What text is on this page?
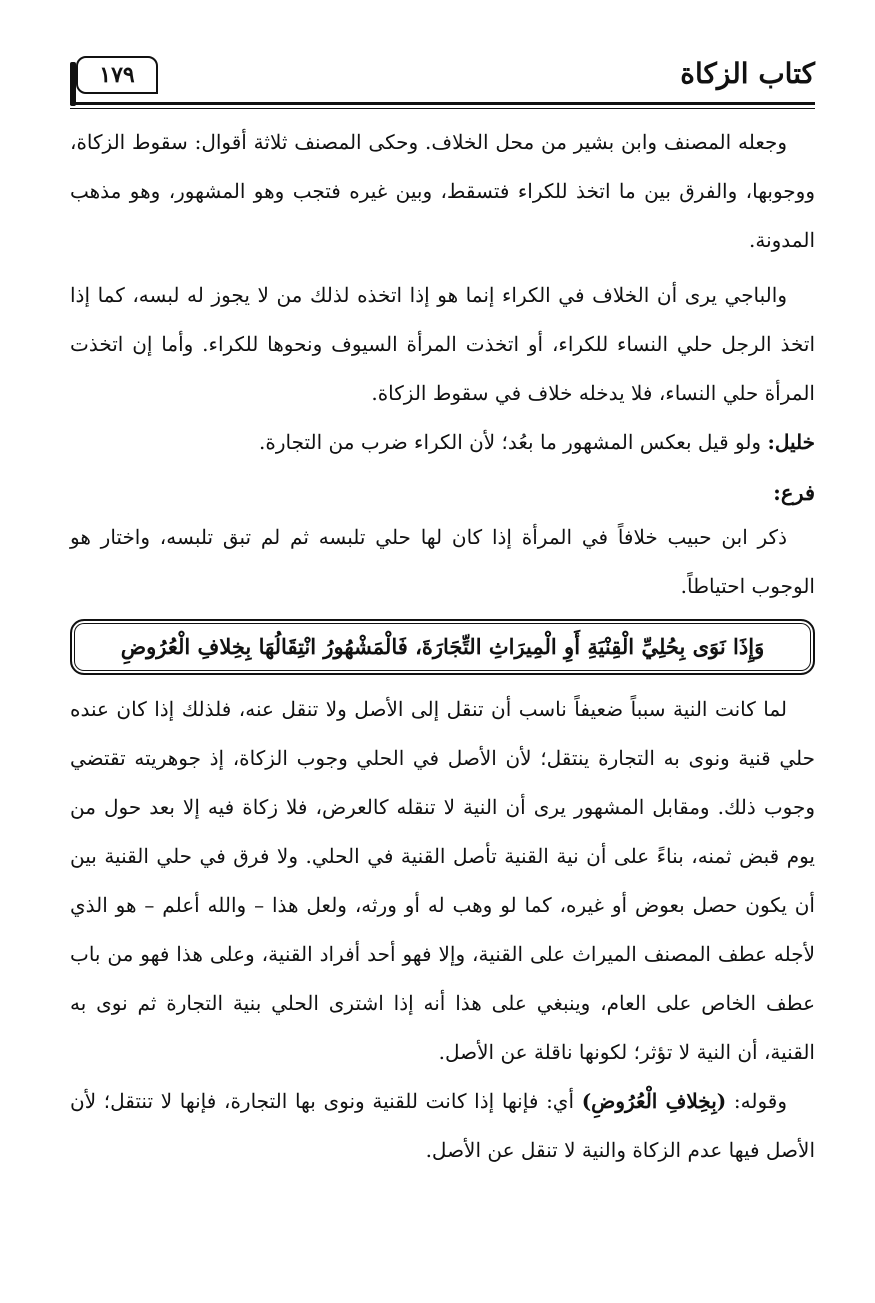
كتاب الزكاة
١٧٩

وجعله المصنف وابن بشير من محل الخلاف. وحكى المصنف ثلاثة أقوال: سقوط الزكاة، ووجوبها، والفرق بين ما اتخذ للكراء فتسقط، وبين غيره فتجب وهو المشهور، وهو مذهب المدونة.

والباجي يرى أن الخلاف في الكراء إنما هو إذا اتخذه لذلك من لا يجوز له لبسه، كما إذا اتخذ الرجل حلي النساء للكراء، أو اتخذت المرأة السيوف ونحوها للكراء. وأما إن اتخذت المرأة حلي النساء، فلا يدخله خلاف في سقوط الزكاة.

خليل: ولو قيل بعكس المشهور ما بعُد؛ لأن الكراء ضرب من التجارة.

فرع:

ذكر ابن حبيب خلافاً في المرأة إذا كان لها حلي تلبسه ثم لم تبق تلبسه، واختار هو الوجوب احتياطاً.

وَإِذَا نَوَى بِحُلِيِّ الْقِنْيَةِ أَوِ الْمِيرَاثِ التِّجَارَةَ، فَالْمَشْهُورُ انْتِقَالُهَا بِخِلافِ الْعُرُوضِ

لما كانت النية سبباً ضعيفاً ناسب أن تنقل إلى الأصل ولا تنقل عنه، فلذلك إذا كان عنده حلي قنية ونوى به التجارة ينتقل؛ لأن الأصل في الحلي وجوب الزكاة، إذ جوهريته تقتضي وجوب ذلك. ومقابل المشهور يرى أن النية لا تنقله كالعرض، فلا زكاة فيه إلا بعد حول من يوم قبض ثمنه، بناءً على أن نية القنية تأصل القنية في الحلي. ولا فرق في حلي القنية بين أن يكون حصل بعوض أو غيره، كما لو وهب له أو ورثه، ولعل هذا – والله أعلم – هو الذي لأجله عطف المصنف الميراث على القنية، وإلا فهو أحد أفراد القنية، وعلى هذا فهو من باب عطف الخاص على العام، وينبغي على هذا أنه إذا اشترى الحلي بنية التجارة ثم نوى به القنية، أن النية لا تؤثر؛ لكونها ناقلة عن الأصل.

وقوله: (بِخِلافِ الْعُرُوضِ) أي: فإنها إذا كانت للقنية ونوى بها التجارة، فإنها لا تنتقل؛ لأن الأصل فيها عدم الزكاة والنية لا تنقل عن الأصل.
